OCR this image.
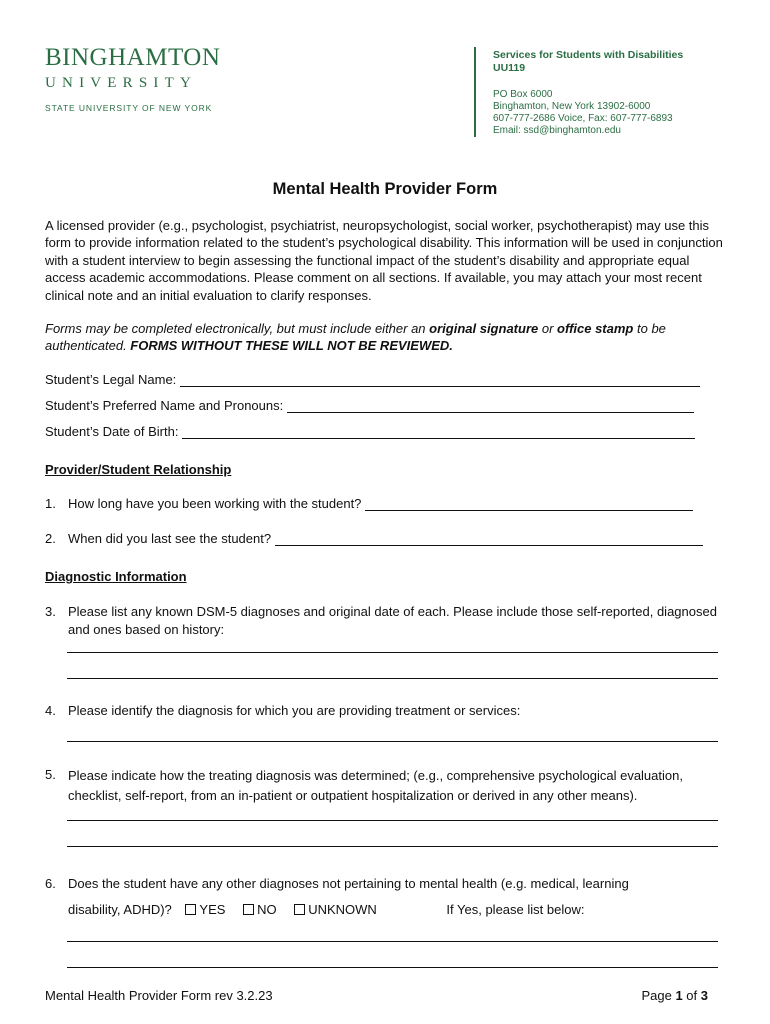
BINGHAMTON
UNIVERSITY
STATE UNIVERSITY OF NEW YORK
Services for Students with Disabilities
UU119
PO Box 6000
Binghamton, New York 13902-6000
607-777-2686 Voice, Fax: 607-777-6893
Email: ssd@binghamton.edu
Mental Health Provider Form
A licensed provider (e.g., psychologist, psychiatrist, neuropsychologist, social worker, psychotherapist) may use this form to provide information related to the student’s psychological disability. This information will be used in conjunction with a student interview to begin assessing the functional impact of the student’s disability and appropriate equal access academic accommodations. Please comment on all sections. If available, you may attach your most recent clinical note and an initial evaluation to clarify responses.
Forms may be completed electronically, but must include either an original signature or office stamp to be authenticated. FORMS WITHOUT THESE WILL NOT BE REVIEWED.
Student’s Legal Name:
Student’s Preferred Name and Pronouns:
Student’s Date of Birth:
Provider/Student Relationship
1. How long have you been working with the student?
2. When did you last see the student?
Diagnostic Information
3. Please list any known DSM-5 diagnoses and original date of each. Please include those self-reported, diagnosed and ones based on history:
4. Please identify the diagnosis for which you are providing treatment or services:
5. Please indicate how the treating diagnosis was determined; (e.g., comprehensive psychological evaluation, checklist, self-report, from an in-patient or outpatient hospitalization or derived in any other means).
6. Does the student have any other diagnoses not pertaining to mental health (e.g. medical, learning
disability, ADHD)? YES NO UNKNOWN	If Yes, please list below:
Mental Health Provider Form rev 3.2.23	Page 1 of 3
